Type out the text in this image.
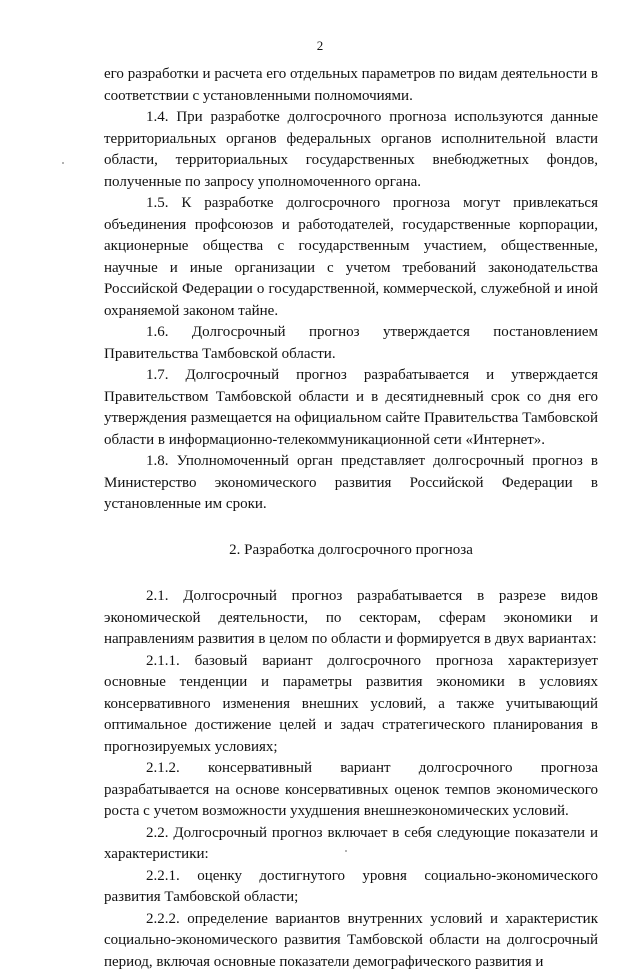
2

его разработки и расчета его отдельных параметров по видам деятельности в соответствии с установленными полномочиями.

1.4. При разработке долгосрочного прогноза используются данные территориальных органов федеральных органов исполнительной власти области, территориальных государственных внебюджетных фондов, полученные по запросу уполномоченного органа.

1.5. К разработке долгосрочного прогноза могут привлекаться объединения профсоюзов и работодателей, государственные корпорации, акционерные общества с государственным участием, общественные, научные и иные организации с учетом требований законодательства Российской Федерации о государственной, коммерческой, служебной и иной охраняемой законом тайне.

1.6. Долгосрочный прогноз утверждается постановлением Правительства Тамбовской области.

1.7. Долгосрочный прогноз разрабатывается и утверждается Правительством Тамбовской области и в десятидневный срок со дня его утверждения размещается на официальном сайте Правительства Тамбовской области в информационно-телекоммуникационной сети «Интернет».

1.8. Уполномоченный орган представляет долгосрочный прогноз в Министерство экономического развития Российской Федерации в установленные им сроки.

2. Разработка долгосрочного прогноза

2.1. Долгосрочный прогноз разрабатывается в разрезе видов экономической деятельности, по секторам, сферам экономики и направлениям развития в целом по области и формируется в двух вариантах:

2.1.1. базовый вариант долгосрочного прогноза характеризует основные тенденции и параметры развития экономики в условиях консервативного изменения внешних условий, а также учитывающий оптимальное достижение целей и задач стратегического планирования в прогнозируемых условиях;

2.1.2. консервативный вариант долгосрочного прогноза разрабатывается на основе консервативных оценок темпов экономического роста с учетом возможности ухудшения внешнеэкономических условий.

2.2. Долгосрочный прогноз включает в себя следующие показатели и характеристики:

2.2.1. оценку достигнутого уровня социально-экономического развития Тамбовской области;

2.2.2. определение вариантов внутренних условий и характеристик социально-экономического развития Тамбовской области на долгосрочный период, включая основные показатели демографического развития и
